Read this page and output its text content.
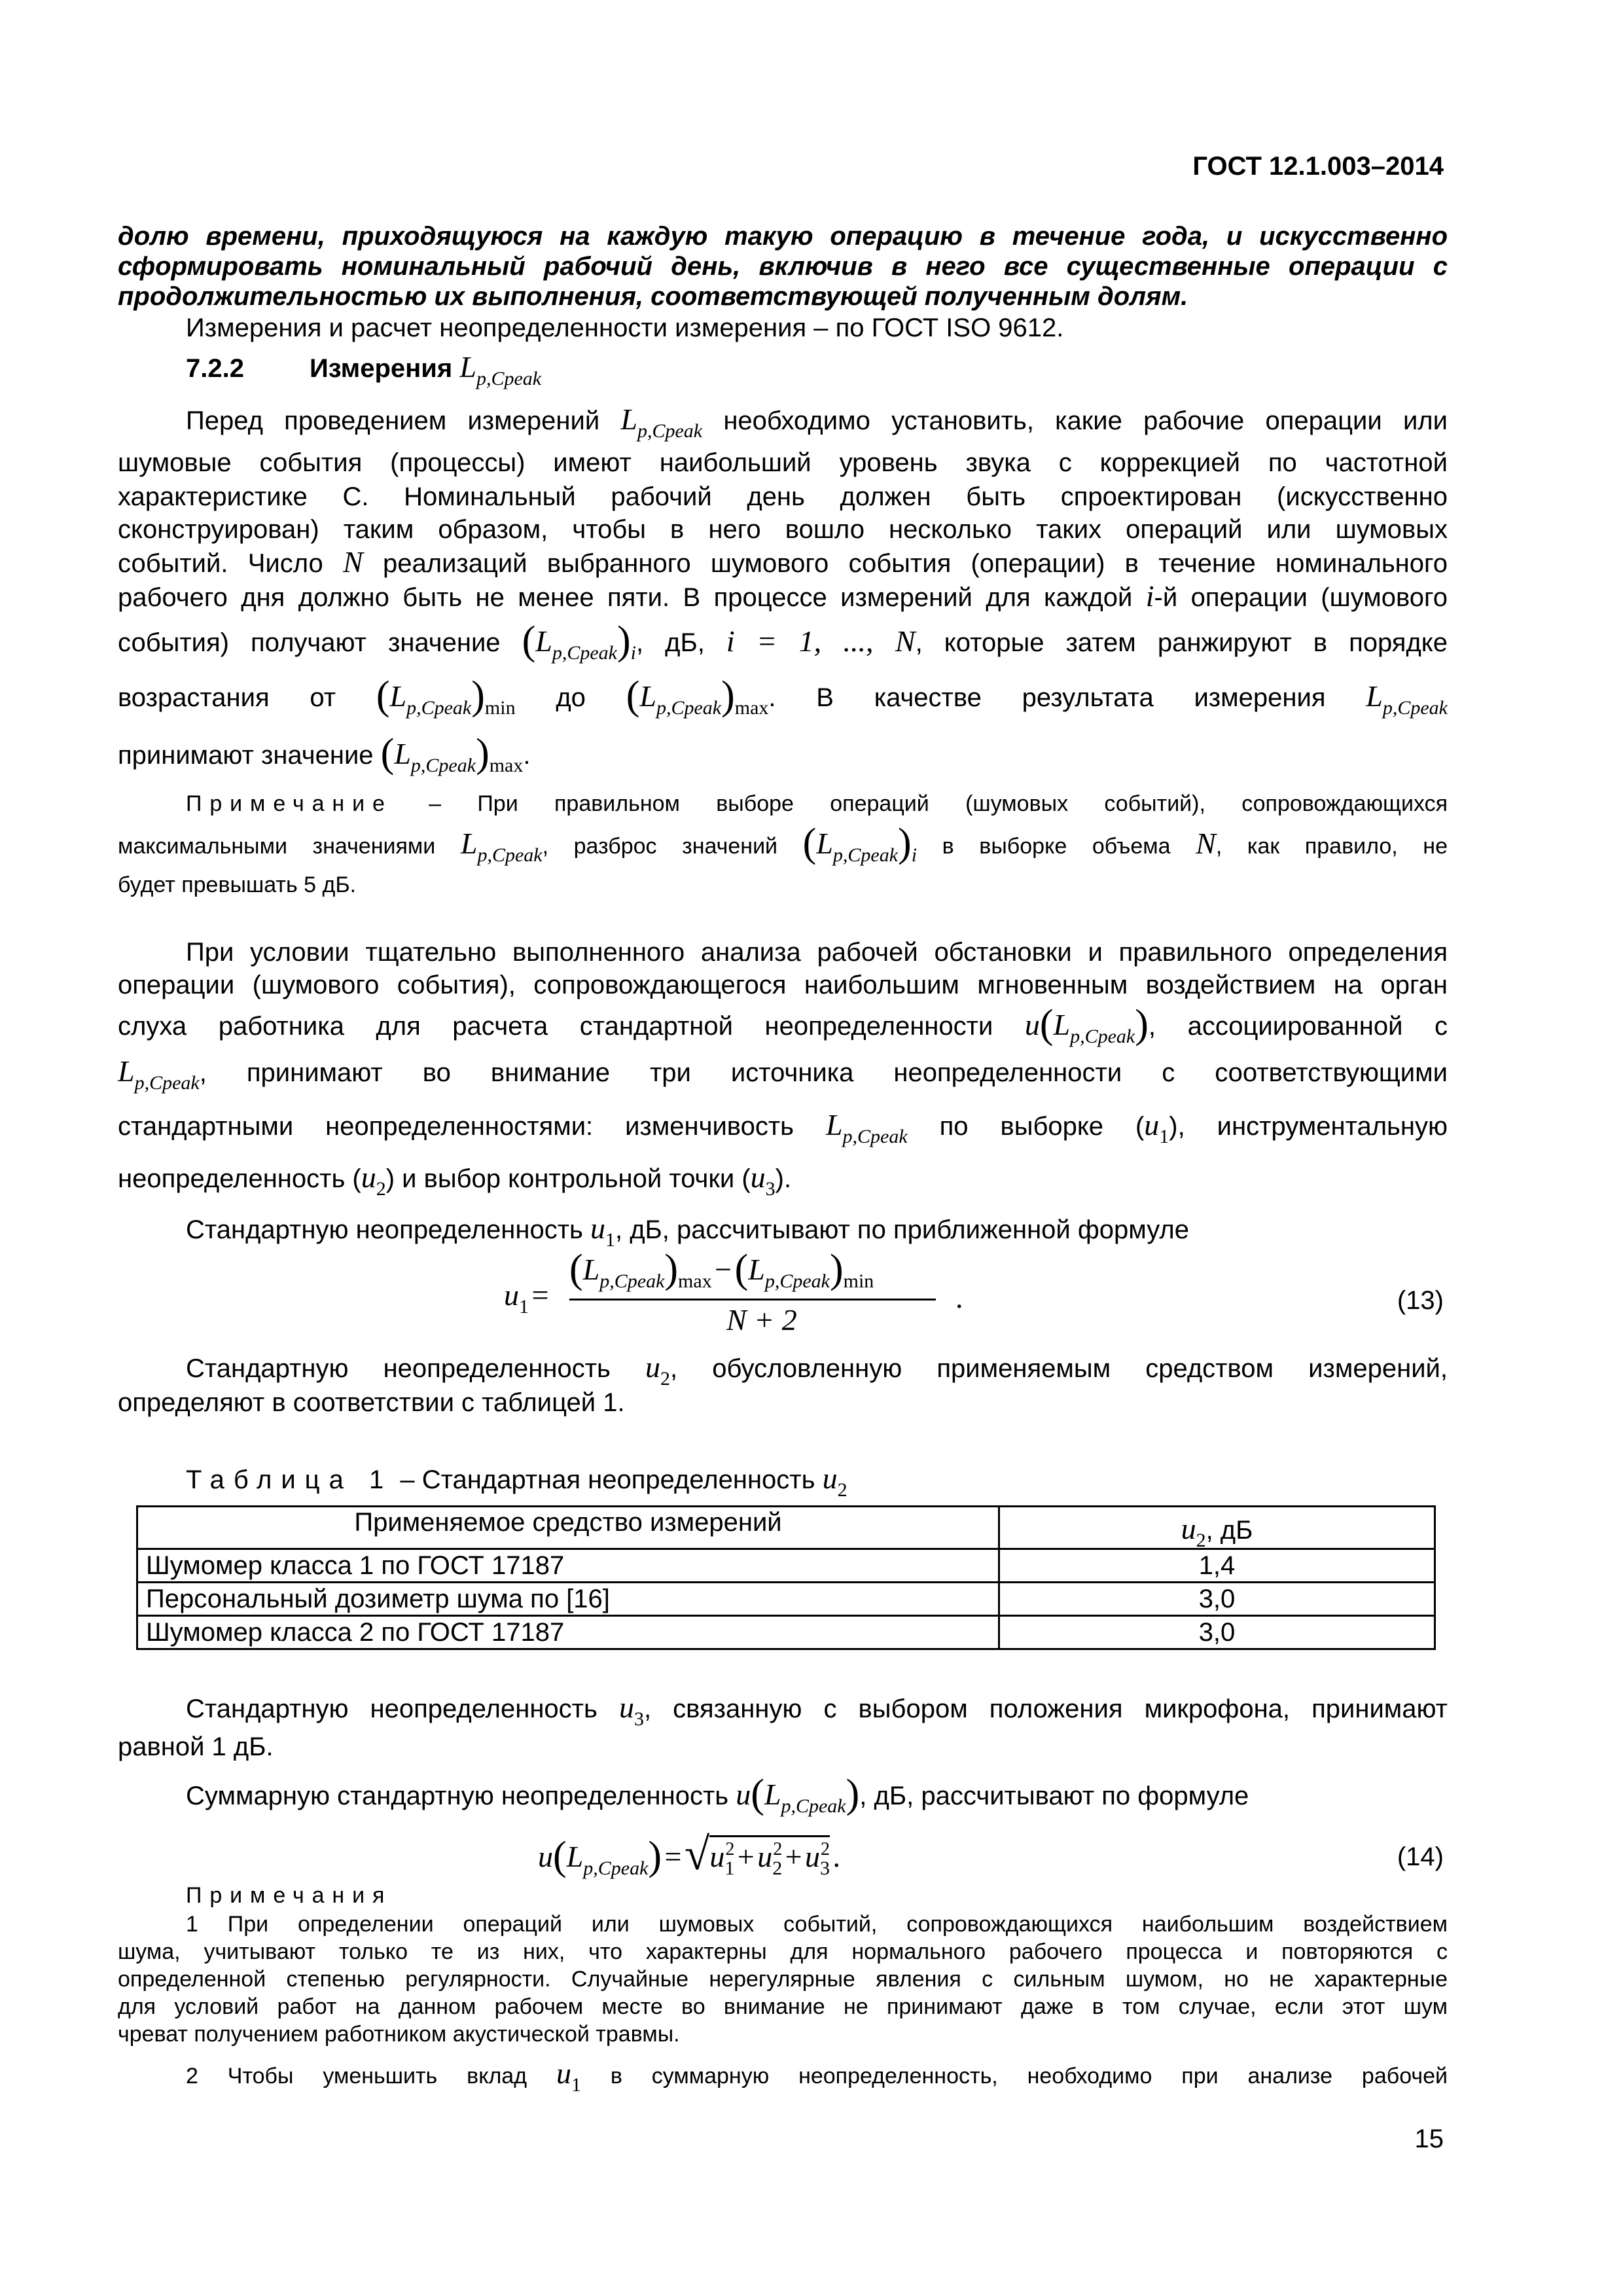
ГОСТ 12.1.003–2014
долю времени, приходящуюся на каждую такую операцию в течение года, и искусственно
сформировать номинальный рабочий день, включив в него все существенные операции с
продолжительностью их выполнения, соответствующей полученным долям.
Измерения и расчет неопределенности измерения – по ГОСТ ISO 9612.
7.2.2	Измерения $L_{p,Cpeak}$
Перед проведением измерений $L_{p,Cpeak}$ необходимо установить, какие рабочие операции или
шумовые события (процессы) имеют наибольший уровень звука с коррекцией по частотной
характеристике С. Номинальный рабочий день должен быть спроектирован (искусственно
сконструирован) таким образом, чтобы в него вошло несколько таких операций или шумовых
событий. Число N реализаций выбранного шумового события (операции) в течение номинального
рабочего дня должно быть не менее пяти. В процессе измерений для каждой i-й операции (шумового
события) получают значение $(L_{p,Cpeak})_i$, дБ, i = 1, ..., N, которые затем ранжируют в порядке
возрастания от $(L_{p,Cpeak})_{min}$ до $(L_{p,Cpeak})_{max}$. В качестве результата измерения $L_{p,Cpeak}$
принимают значение $(L_{p,Cpeak})_{max}$.
Примечание – При правильном выборе операций (шумовых событий), сопровождающихся
максимальными значениями Lp,Cpeak, разброс значений (Lp,Cpeak)i в выборке объема N, как правило, не
будет превышать 5 дБ.
При условии тщательно выполненного анализа рабочей обстановки и правильного определения
операции (шумового события), сопровождающегося наибольшим мгновенным воздействием на орган
слуха работника для расчета стандартной неопределенности $u(L_{p,Cpeak})$, ассоциированной с
$L_{p,Cpeak}$, принимают во внимание три источника неопределенности с соответствующими
стандартными неопределенностями: изменчивость $L_{p,Cpeak}$ по выборке $(u_1)$, инструментальную
неопределенность $(u_2)$ и выбор контрольной точки $(u_3)$.
Стандартную неопределенность $u_1$, дБ, рассчитывают по приближенной формуле
u1 =
(Lp,Cpeak)max − (Lp,Cpeak)min	.
N + 2
(13)
Стандартную неопределенность $u_2$, обусловленную применяемым средством измерений,
определяют в соответствии с таблицей 1.
Таблица 1 – Стандартная неопределенность $u_2$
Применяемое средство измерений	$u_2$, дБ
Шумомер класса 1 по ГОСТ 17187	1,4
Персональный дозиметр шума по [16]	3,0
Шумомер класса 2 по ГОСТ 17187	3,0
Стандартную неопределенность $u_3$, связанную с выбором положения микрофона, принимают
равной 1 дБ.
Суммарную стандартную неопределенность $u(L_{p,Cpeak})$, дБ, рассчитывают по формуле
u(Lp,Cpeak) = √u12 + u22 + u32 .	(14)
Примечания
1 При определении операций или шумовых событий, сопровождающихся наибольшим воздействием
шума, учитывают только те из них, что характерны для нормального рабочего процесса и повторяются с
определенной степенью регулярности. Случайные нерегулярные явления с сильным шумом, но не характерные
для условий работ на данном рабочем месте во внимание не принимают даже в том случае, если этот шум
чреват получением работником акустической травмы.
2 Чтобы уменьшить вклад u1 в суммарную неопределенность, необходимо при анализе рабочей
15
